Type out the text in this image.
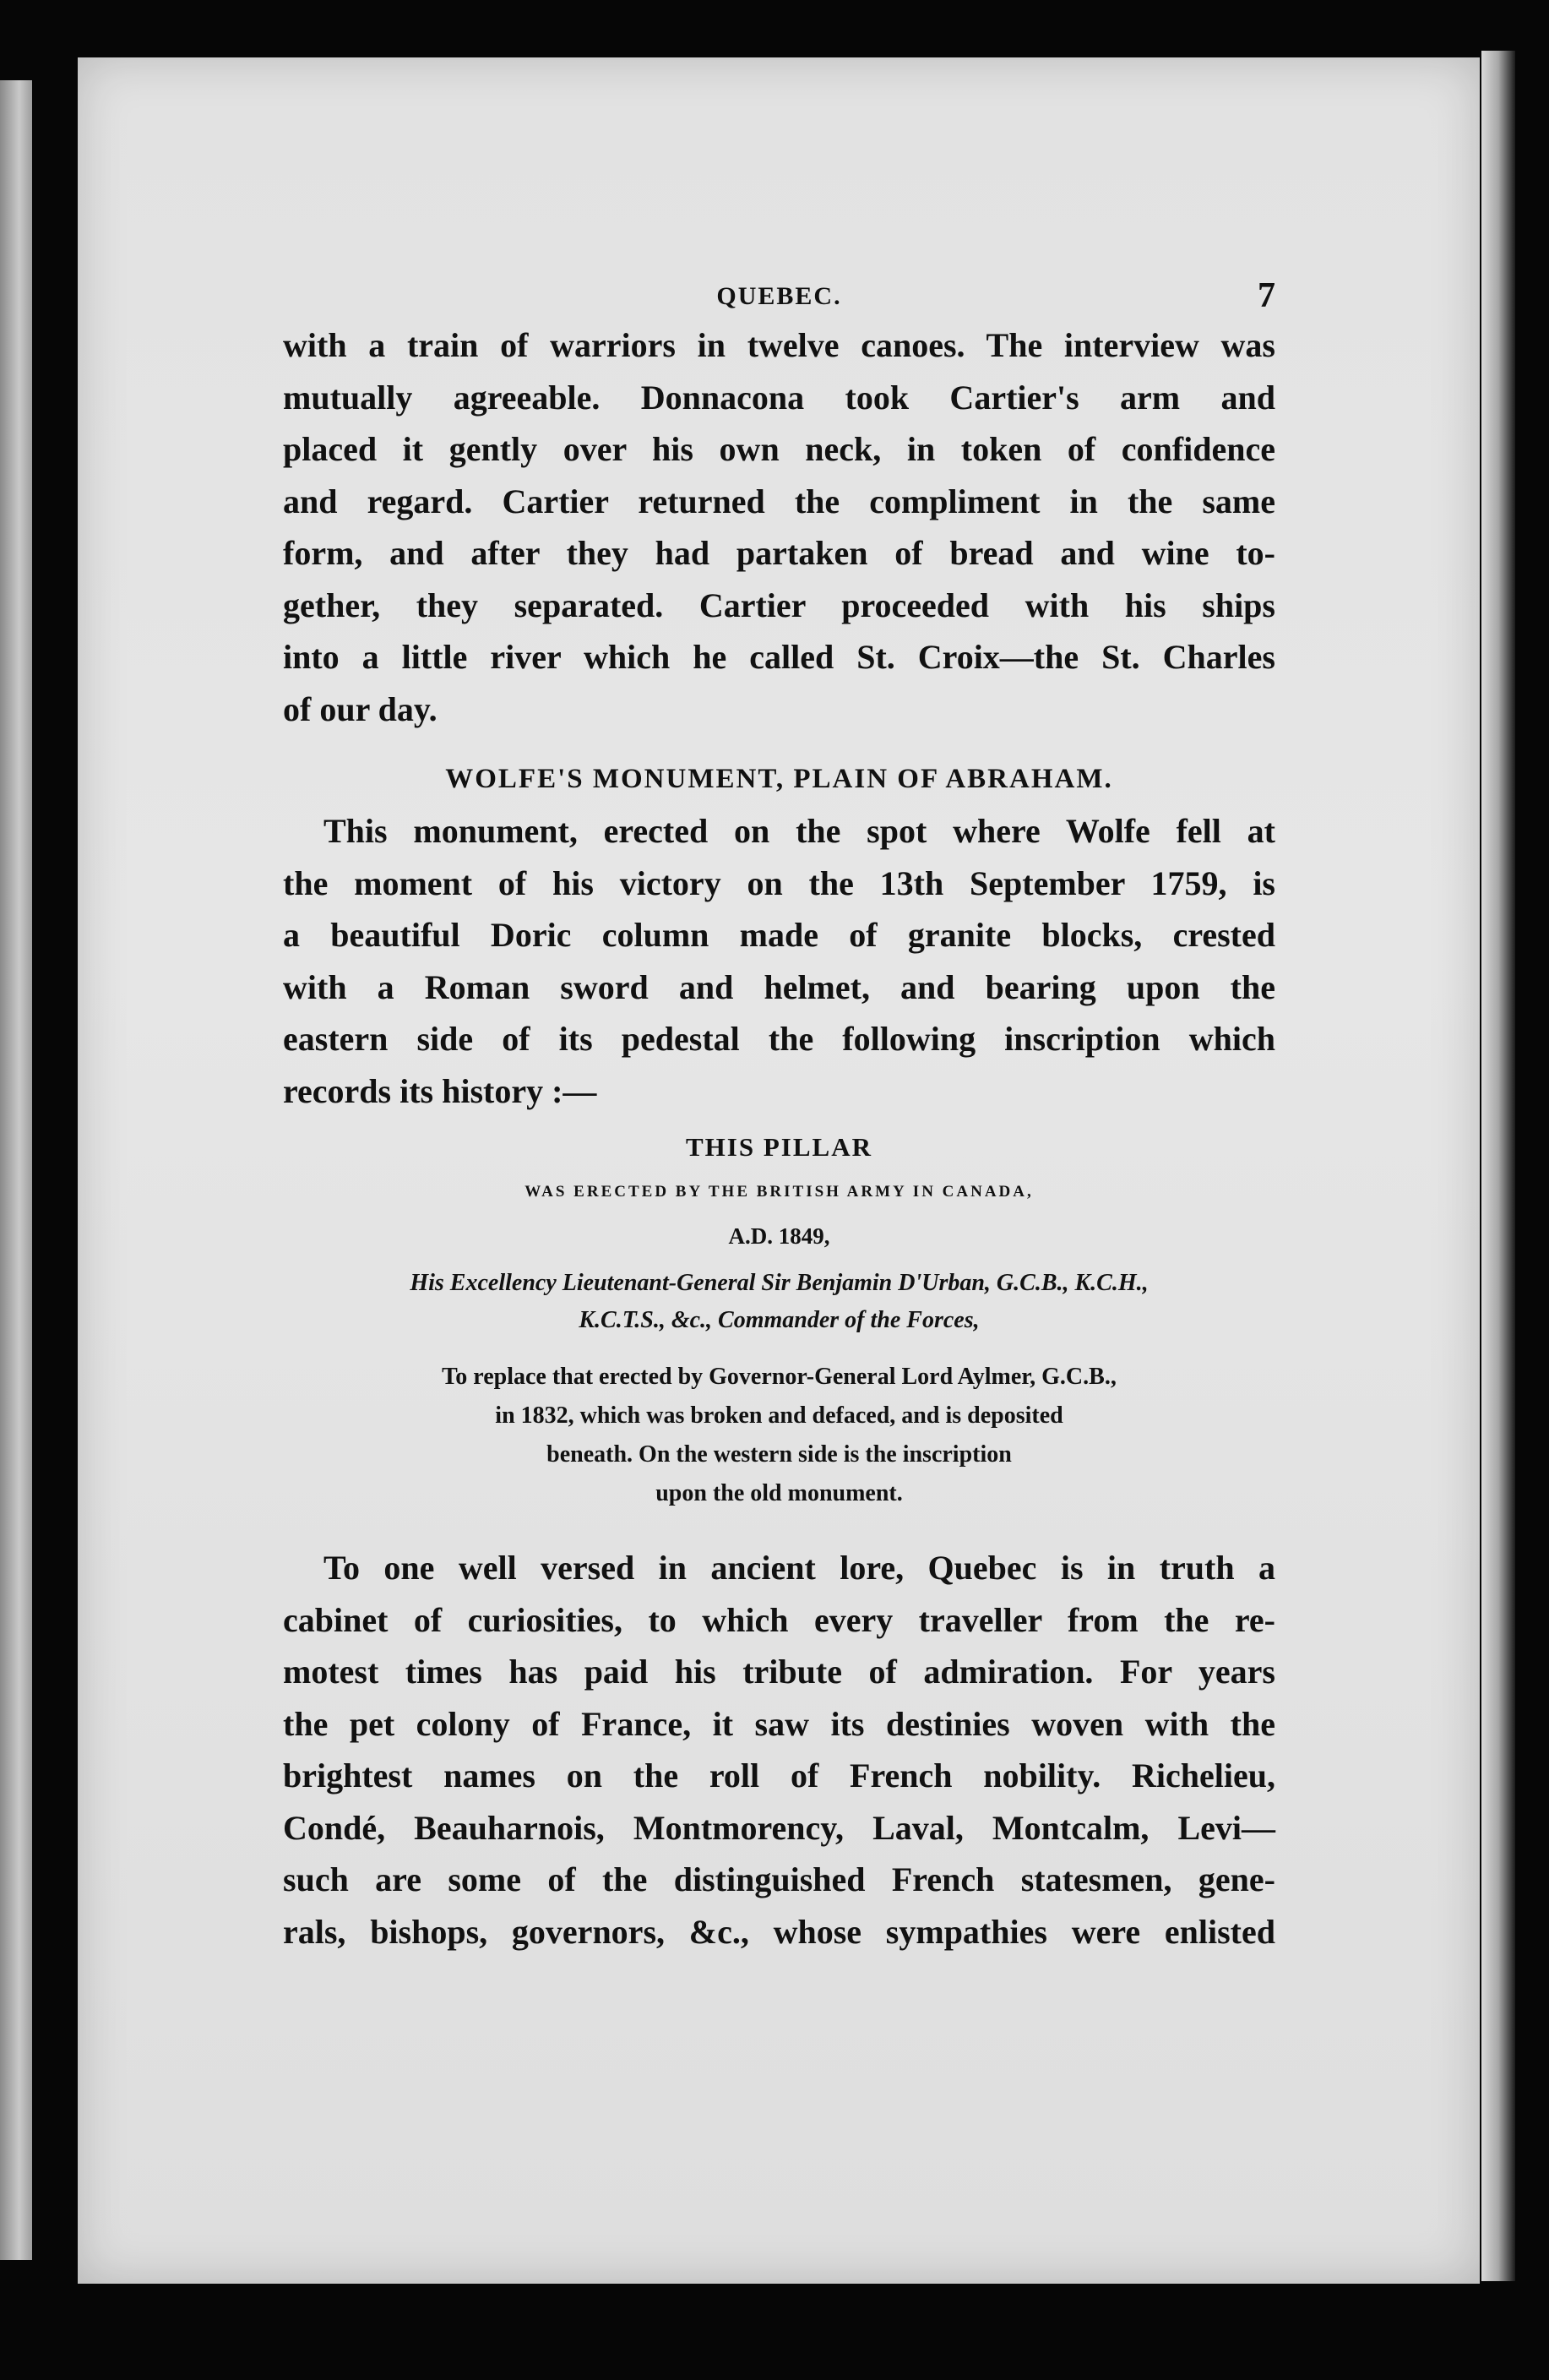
QUEBEC.	7

with a train of warriors in twelve canoes. The interview was
mutually agreeable. Donnacona took Cartier's arm and
placed it gently over his own neck, in token of confidence
and regard. Cartier returned the compliment in the same
form, and after they had partaken of bread and wine to-
gether, they separated. Cartier proceeded with his ships
into a little river which he called St. Croix—the St. Charles
of our day.

WOLFE'S MONUMENT, PLAIN OF ABRAHAM.

This monument, erected on the spot where Wolfe fell at
the moment of his victory on the 13th September 1759, is
a beautiful Doric column made of granite blocks, crested
with a Roman sword and helmet, and bearing upon the
eastern side of its pedestal the following inscription which
records its history :—

THIS PILLAR
WAS ERECTED BY THE BRITISH ARMY IN CANADA,
A.D. 1849,
His Excellency Lieutenant-General Sir Benjamin D'Urban, G.C.B., K.C.H.,
K.C.T.S., &c., Commander of the Forces,
To replace that erected by Governor-General Lord Aylmer, G.C.B.,
in 1832, which was broken and defaced, and is deposited
beneath. On the western side is the inscription
upon the old monument.

To one well versed in ancient lore, Quebec is in truth a
cabinet of curiosities, to which every traveller from the re-
motest times has paid his tribute of admiration. For years
the pet colony of France, it saw its destinies woven with the
brightest names on the roll of French nobility. Richelieu,
Condé, Beauharnois, Montmorency, Laval, Montcalm, Levi—
such are some of the distinguished French statesmen, gene-
rals, bishops, governors, &c., whose sympathies were enlisted
